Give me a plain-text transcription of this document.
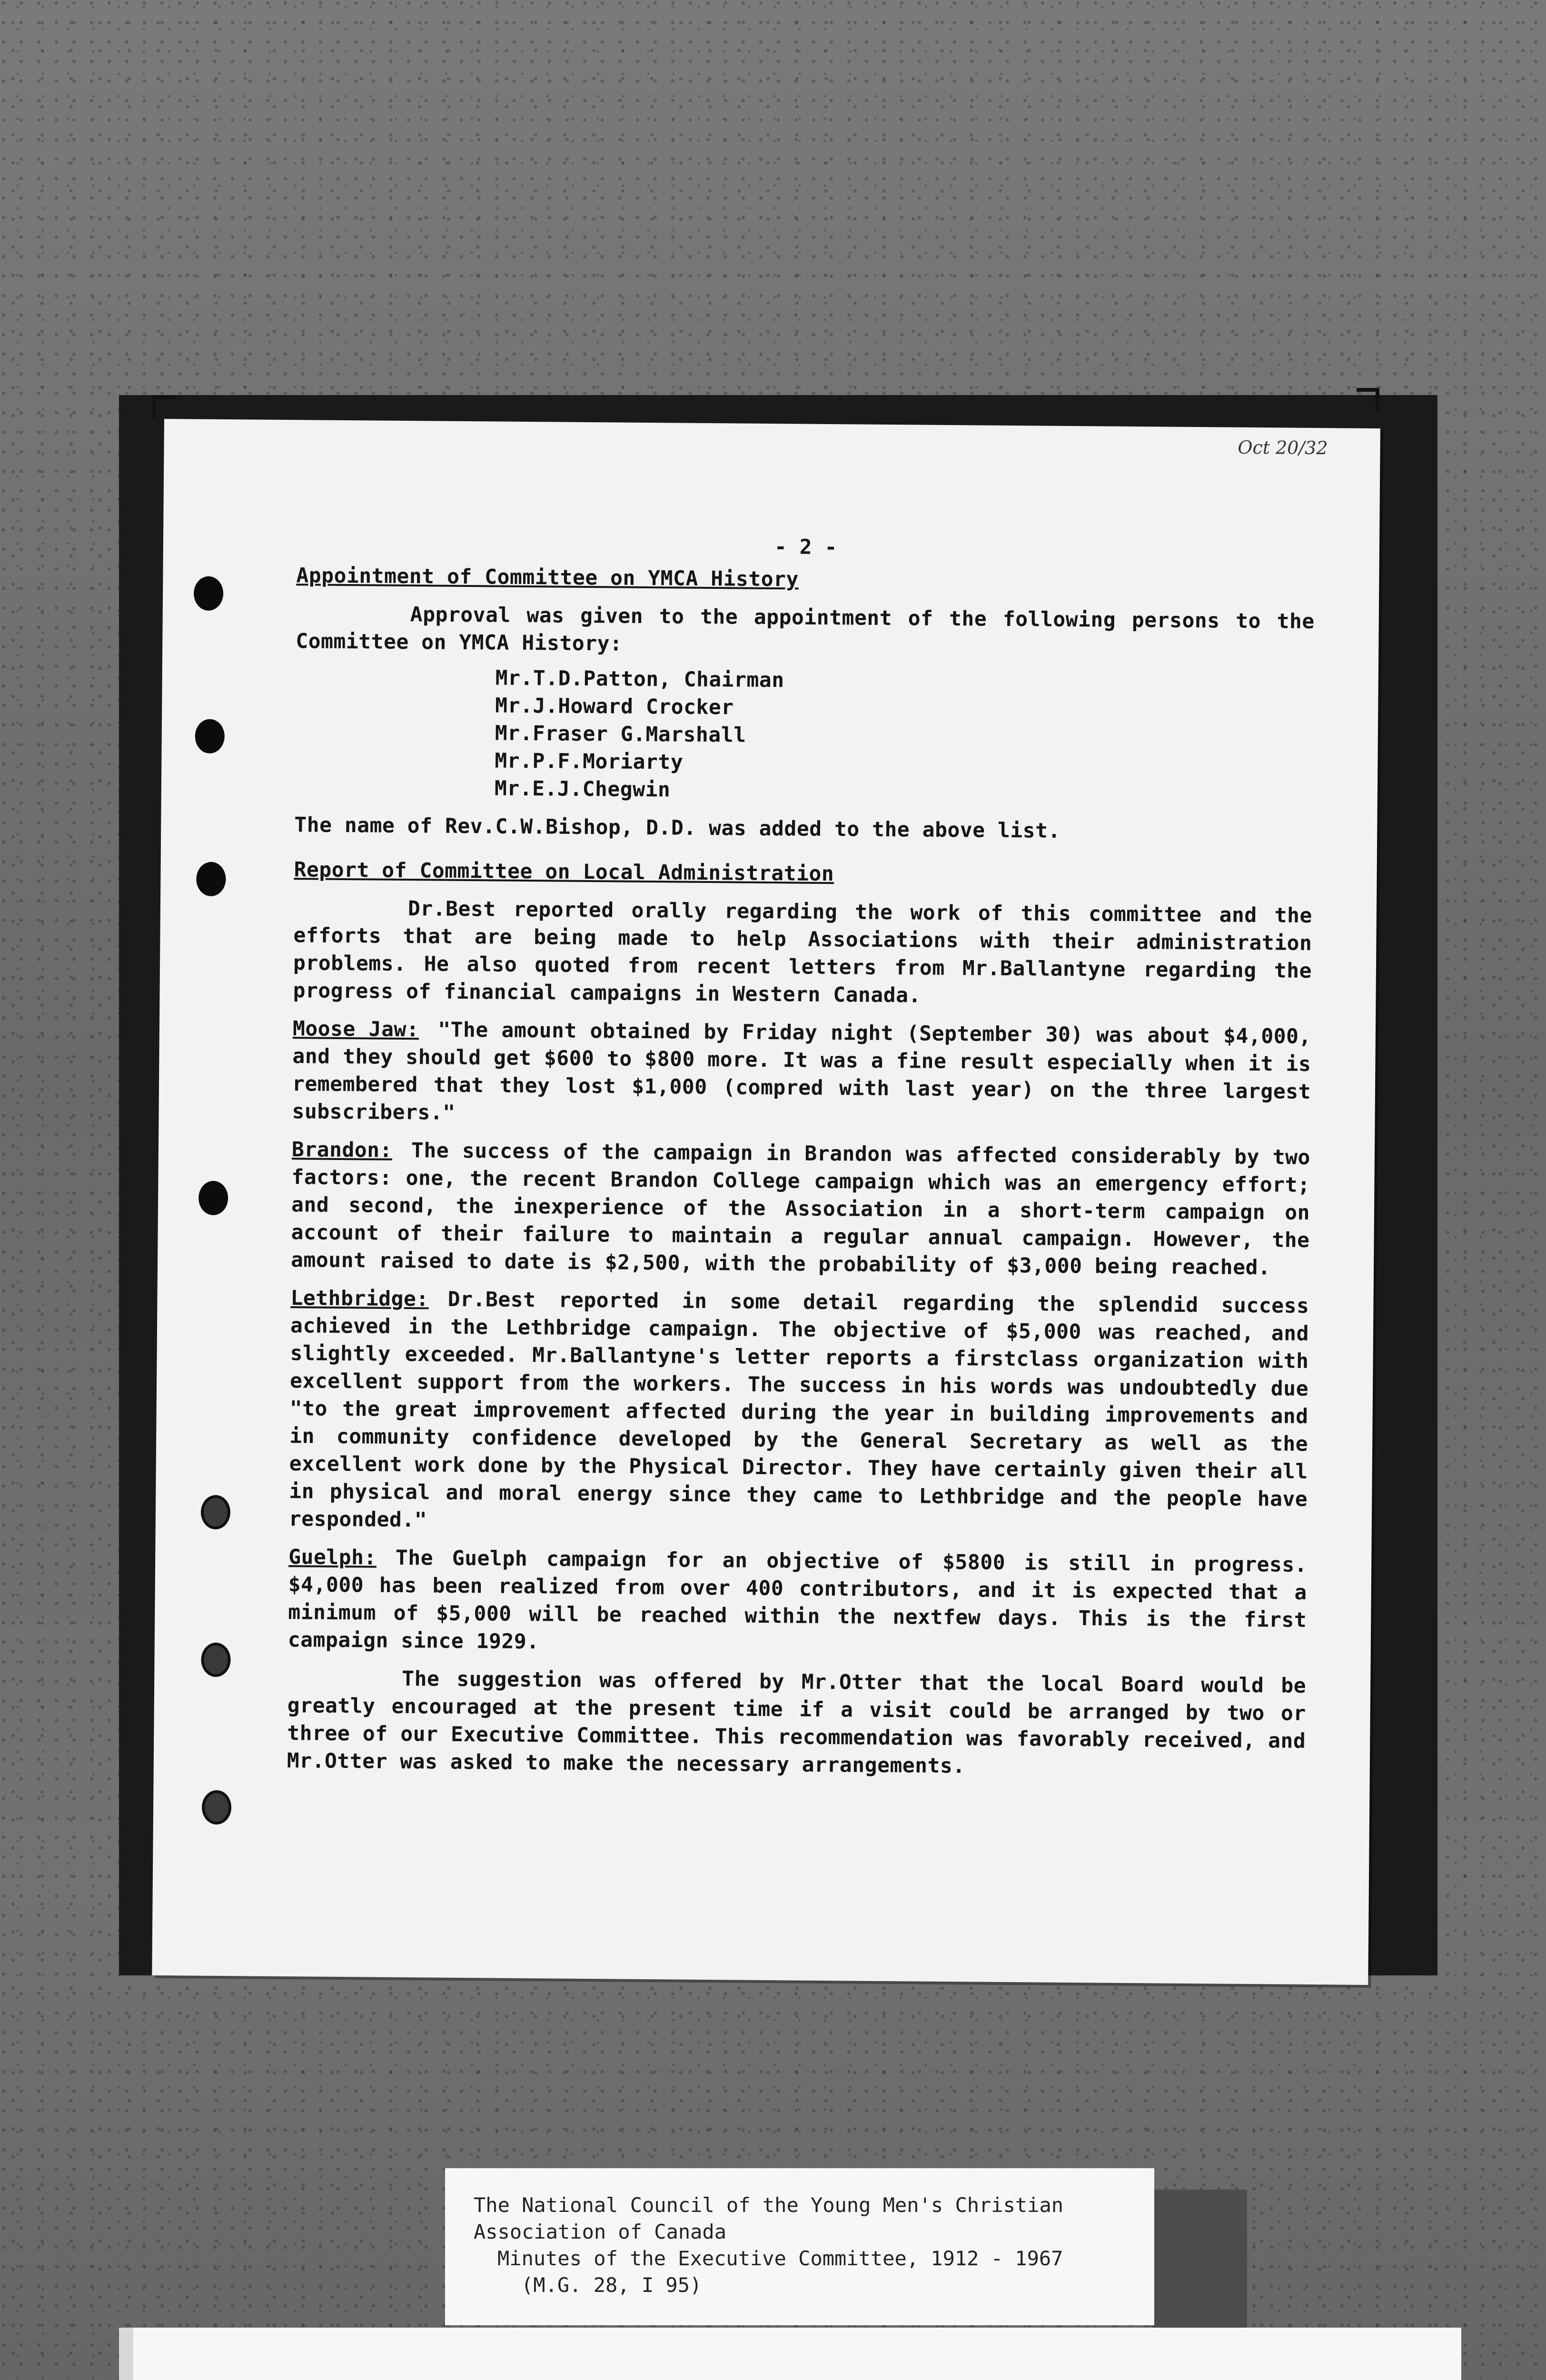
Oct 20/32
- 2 -
Appointment of Committee on YMCA History

Approval was given to the appointment of the following persons to the Committee on YMCA History:

Mr.T.D.Patton, Chairman
Mr.J.Howard Crocker
Mr.Fraser G.Marshall
Mr.P.F.Moriarty
Mr.E.J.Chegwin

The name of Rev.C.W.Bishop, D.D. was added to the above list.

Report of Committee on Local Administration

Dr.Best reported orally regarding the work of this committee and the efforts that are being made to help Associations with their administration problems. He also quoted from recent letters from Mr.Ballantyne regarding the progress of financial campaigns in Western Canada.

Moose Jaw: "The amount obtained by Friday night (September 30) was about $4,000, and they should get $600 to $800 more. It was a fine result especially when it is remembered that they lost $1,000 (compred with last year) on the three largest subscribers."

Brandon: The success of the campaign in Brandon was affected considerably by two factors: one, the recent Brandon College campaign which was an emergency effort; and second, the inexperience of the Association in a short-term campaign on account of their failure to maintain a regular annual campaign. However, the amount raised to date is $2,500, with the probability of $3,000 being reached.

Lethbridge: Dr.Best reported in some detail regarding the splendid success achieved in the Lethbridge campaign. The objective of $5,000 was reached, and slightly exceeded. Mr.Ballantyne's letter reports a firstclass organization with excellent support from the workers. The success in his words was undoubtedly due "to the great improvement affected during the year in building improvements and in community confidence developed by the General Secretary as well as the excellent work done by the Physical Director. They have certainly given their all in physical and moral energy since they came to Lethbridge and the people have responded."

Guelph: The Guelph campaign for an objective of $5800 is still in progress. $4,000 has been realized from over 400 contributors, and it is expected that a minimum of $5,000 will be reached within the nextfew days. This is the first campaign since 1929.

The suggestion was offered by Mr.Otter that the local Board would be greatly encouraged at the present time if a visit could be arranged by two or three of our Executive Committee. This recommendation was favorably received, and Mr.Otter was asked to make the necessary arrangements.

The National Council of the Young Men's Christian
Association of Canada
Minutes of the Executive Committee, 1912 - 1967
(M.G. 28, I 95)
